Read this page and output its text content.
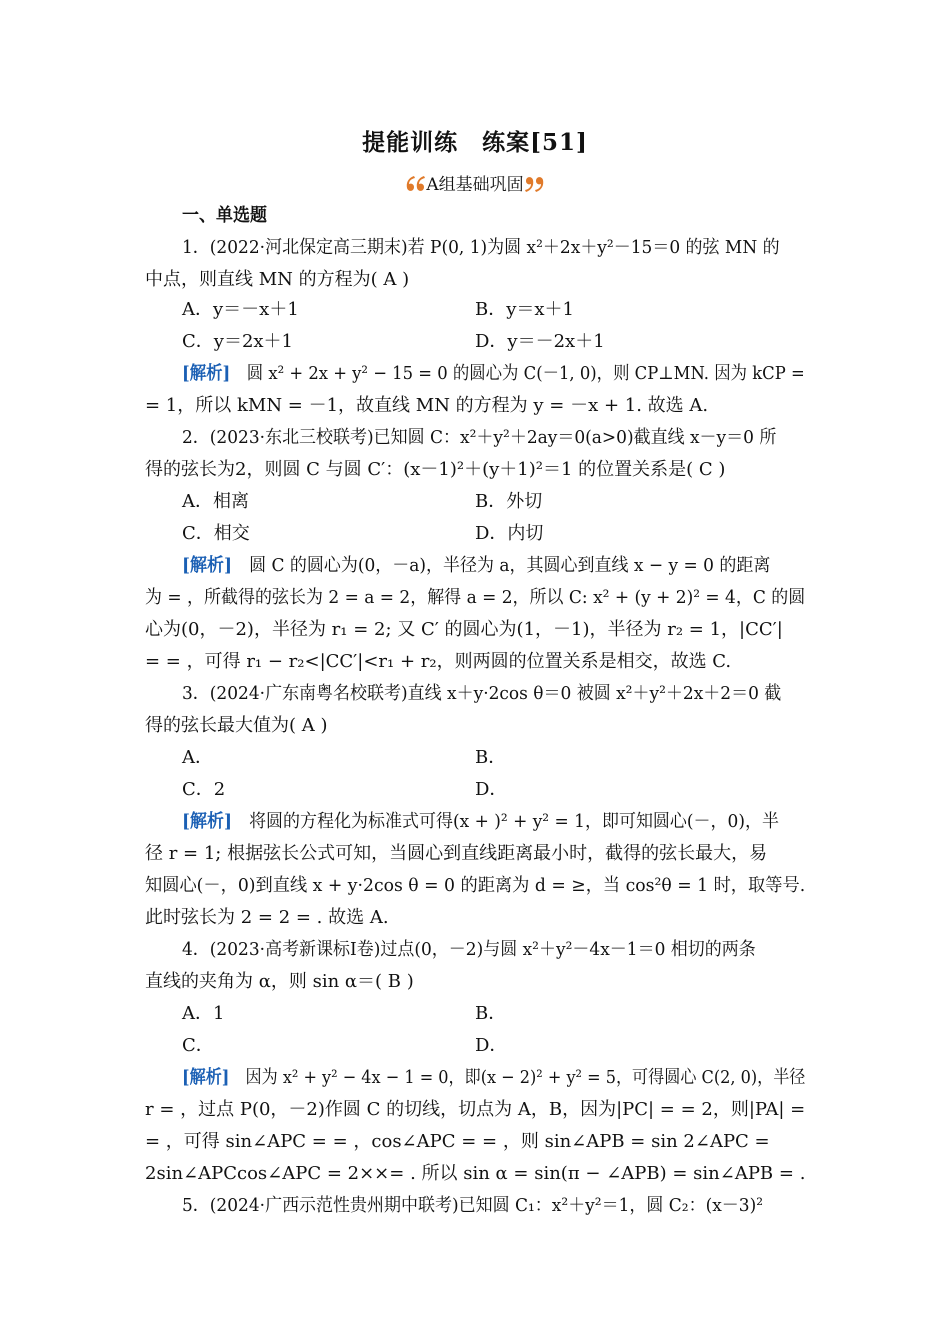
提能训练　练案[51]
A组基础巩固
一、单选题
1．(2022·河北保定高三期末)若 P(0, 1)为圆 x²＋2x＋y²－15＝0 的弦 MN 的
中点，则直线 MN 的方程为( A )
A．y＝－x＋1	B．y＝x＋1
C．y＝2x＋1	D．y＝－2x＋1
[解析]　 圆 x² + 2x + y² − 15 = 0 的圆心为 C(－1, 0)，则 CP⊥MN. 因为 kCP =
= 1，所以 kMN = －1，故直线 MN 的方程为 y = －x + 1. 故选 A.
2．(2023·东北三校联考)已知圆 C：x²＋y²＋2ay＝0(a>0)截直线 x－y＝0 所
得的弦长为2，则圆 C 与圆 C′：(x－1)²＋(y＋1)²＝1 的位置关系是( C )
A．相离	B．外切
C．相交	D．内切
[解析]　 圆 C 的圆心为(0，－a)，半径为 a，其圆心到直线 x − y = 0 的距离
为 = ，所截得的弦长为 2 = a = 2，解得 a = 2，所以 C: x² + (y + 2)² = 4，C 的圆
心为(0，－2)，半径为 r₁ = 2; 又 C′ 的圆心为(1，－1)，半径为 r₂ = 1，|CC′|
= = ，可得 r₁ − r₂<|CC′|<r₁ + r₂，则两圆的位置关系是相交，故选 C.
3．(2024·广东南粤名校联考)直线 x＋y·2cos θ＝0 被圆 x²＋y²＋2x＋2＝0 截
得的弦长最大值为( A )
A．	B．
C．2	D．
[解析]　 将圆的方程化为标准式可得(x + )² + y² = 1，即可知圆心(－，0)，半
径 r = 1; 根据弦长公式可知，当圆心到直线距离最小时，截得的弦长最大，易
知圆心(－，0)到直线 x + y·2cos θ = 0 的距离为 d = ≥，当 cos²θ = 1 时，取等号.
此时弦长为 2 = 2 = . 故选 A.
4．(2023·高考新课标Ⅰ卷)过点(0，－2)与圆 x²＋y²－4x－1＝0 相切的两条
直线的夹角为 α，则 sin α＝( B )
A．1	B．
C．	D．
[解析]　 因为 x² + y² − 4x − 1 = 0，即(x − 2)² + y² = 5，可得圆心 C(2, 0)，半径
r = ，过点 P(0，－2)作圆 C 的切线，切点为 A，B，因为|PC| = = 2，则|PA| =
= ，可得 sin∠APC = = ，cos∠APC = = ，则 sin∠APB = sin 2∠APC =
2sin∠APCcos∠APC = 2××= . 所以 sin α = sin(π − ∠APB) = sin∠APB = .
5．(2024·广西示范性贵州期中联考)已知圆 C₁：x²＋y²＝1，圆 C₂：(x－3)²
